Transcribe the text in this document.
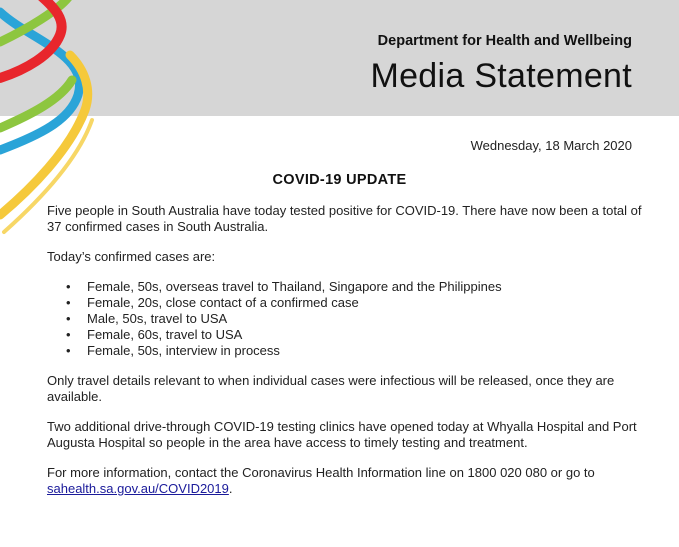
Department for Health and Wellbeing
Media Statement
Wednesday, 18 March 2020
COVID-19 UPDATE

Five people in South Australia have today tested positive for COVID-19. There have now been a total of 37 confirmed cases in South Australia.

Today’s confirmed cases are:

• Female, 50s, overseas travel to Thailand, Singapore and the Philippines
• Female, 20s, close contact of a confirmed case
• Male, 50s, travel to USA
• Female, 60s, travel to USA
• Female, 50s, interview in process

Only travel details relevant to when individual cases were infectious will be released, once they are available.

Two additional drive-through COVID-19 testing clinics have opened today at Whyalla Hospital and Port Augusta Hospital so people in the area have access to timely testing and treatment.

For more information, contact the Coronavirus Health Information line on 1800 020 080 or go to
sahealth.sa.gov.au/COVID2019.
